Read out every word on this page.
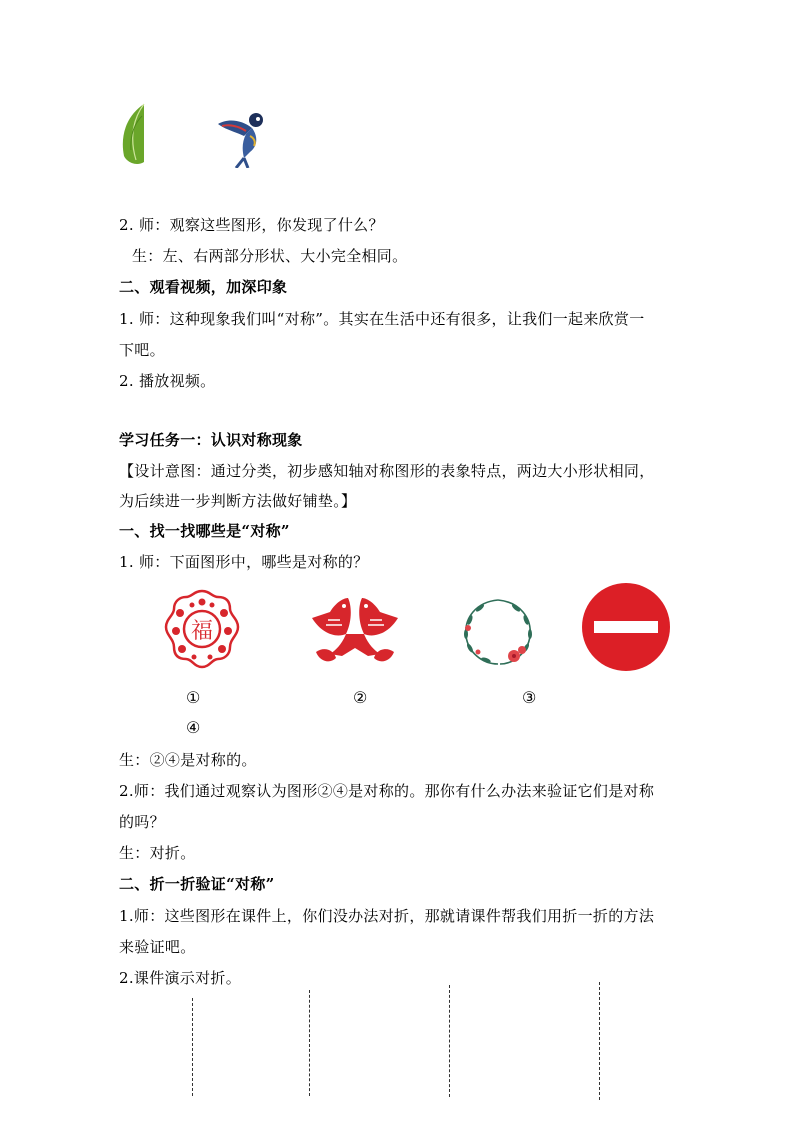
2. 师：观察这些图形，你发现了什么？
生：左、右两部分形状、大小完全相同。
二、观看视频，加深印象
1. 师：这种现象我们叫“对称”。其实在生活中还有很多，让我们一起来欣赏一
下吧。
2. 播放视频。
学习任务一：认识对称现象
【设计意图：通过分类，初步感知轴对称图形的表象特点，两边大小形状相同，
为后续进一步判断方法做好铺垫。】
一、找一找哪些是“对称”
1. 师：下面图形中，哪些是对称的？
福
①	②	③
④
生：②④是对称的。
2.师：我们通过观察认为图形②④是对称的。那你有什么办法来验证它们是对称
的吗？
生：对折。
二、折一折验证“对称”
1.师：这些图形在课件上，你们没办法对折，那就请课件帮我们用折一折的方法
来验证吧。
2.课件演示对折。
